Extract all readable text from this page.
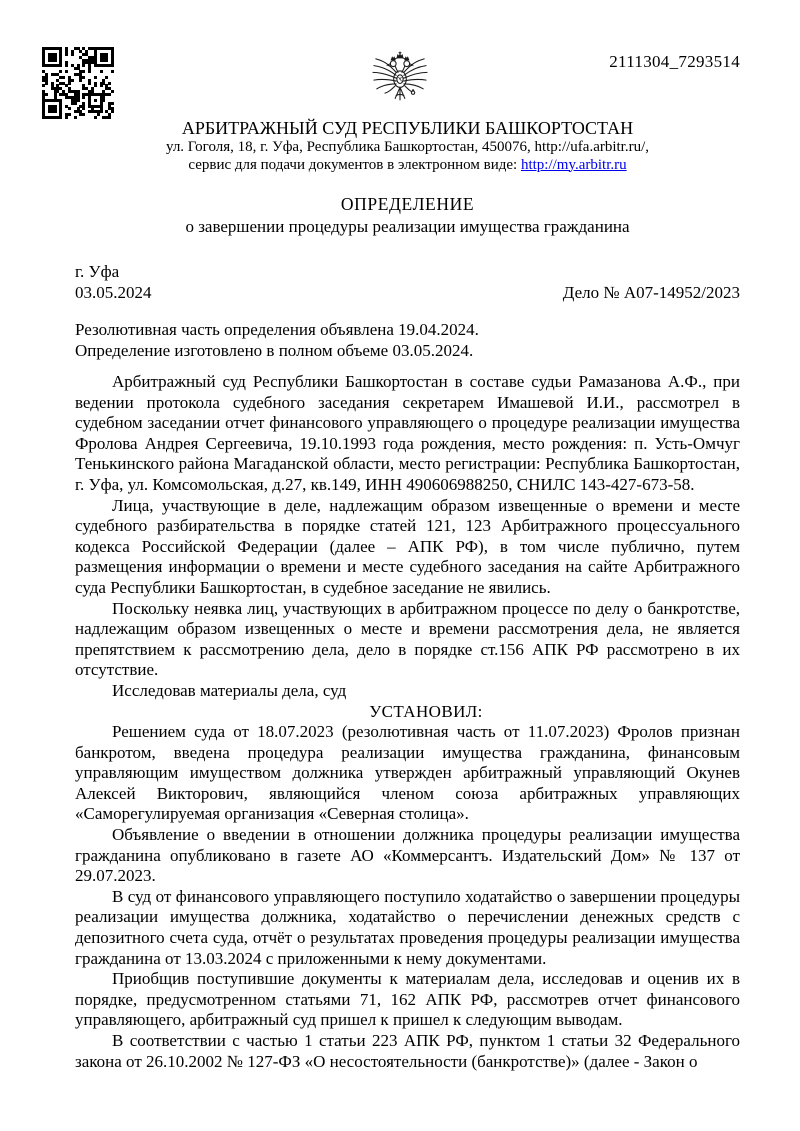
2111304_7293514
АРБИТРАЖНЫЙ СУД РЕСПУБЛИКИ БАШКОРТОСТАН
ул. Гоголя, 18, г. Уфа, Республика Башкортостан, 450076, http://ufa.arbitr.ru/,
сервис для подачи документов в электронном виде: http://my.arbitr.ru
ОПРЕДЕЛЕНИЕ
о завершении процедуры реализации имущества гражданина
г. Уфа
03.05.2024	Дело № А07-14952/2023
Резолютивная часть определения объявлена 19.04.2024.
Определение изготовлено в полном объеме 03.05.2024.

Арбитражный суд Республики Башкортостан в составе судьи Рамазанова А.Ф., при ведении протокола судебного заседания секретарем Имашевой И.И., рассмотрел в судебном заседании отчет финансового управляющего о процедуре реализации имущества Фролова Андрея Сергеевича, 19.10.1993 года рождения, место рождения: п. Усть-Омчуг Тенькинского района Магаданской области, место регистрации: Республика Башкортостан, г. Уфа, ул. Комсомольская, д.27, кв.149, ИНН 490606988250, СНИЛС 143-427-673-58.

Лица, участвующие в деле, надлежащим образом извещенные о времени и месте судебного разбирательства в порядке статей 121, 123 Арбитражного процессуального кодекса Российской Федерации (далее – АПК РФ), в том числе публично, путем размещения информации о времени и месте судебного заседания на сайте Арбитражного суда Республики Башкортостан, в судебное заседание не явились.

Поскольку неявка лиц, участвующих в арбитражном процессе по делу о банкротстве, надлежащим образом извещенных о месте и времени рассмотрения дела, не является препятствием к рассмотрению дела, дело в порядке ст.156 АПК РФ рассмотрено в их отсутствие.

Исследовав материалы дела, суд

УСТАНОВИЛ:

Решением суда от 18.07.2023 (резолютивная часть от 11.07.2023) Фролов признан банкротом, введена процедура реализации имущества гражданина, финансовым управляющим имуществом должника утвержден арбитражный управляющий Окунев Алексей Викторович, являющийся членом союза арбитражных управляющих «Саморегулируемая организация «Северная столица».

Объявление о введении в отношении должника процедуры реализации имущества гражданина опубликовано в газете АО «Коммерсантъ. Издательский Дом» № 137 от 29.07.2023.

В суд от финансового управляющего поступило ходатайство о завершении процедуры реализации имущества должника, ходатайство о перечислении денежных средств с депозитного счета суда, отчёт о результатах проведения процедуры реализации имущества гражданина от 13.03.2024 с приложенными к нему документами.

Приобщив поступившие документы к материалам дела, исследовав и оценив их в порядке, предусмотренном статьями 71, 162 АПК РФ, рассмотрев отчет финансового управляющего, арбитражный суд пришел к пришел к следующим выводам.

В соответствии с частью 1 статьи 223 АПК РФ, пунктом 1 статьи 32 Федерального закона от 26.10.2002 № 127-ФЗ «О несостоятельности (банкротстве)» (далее - Закон о
